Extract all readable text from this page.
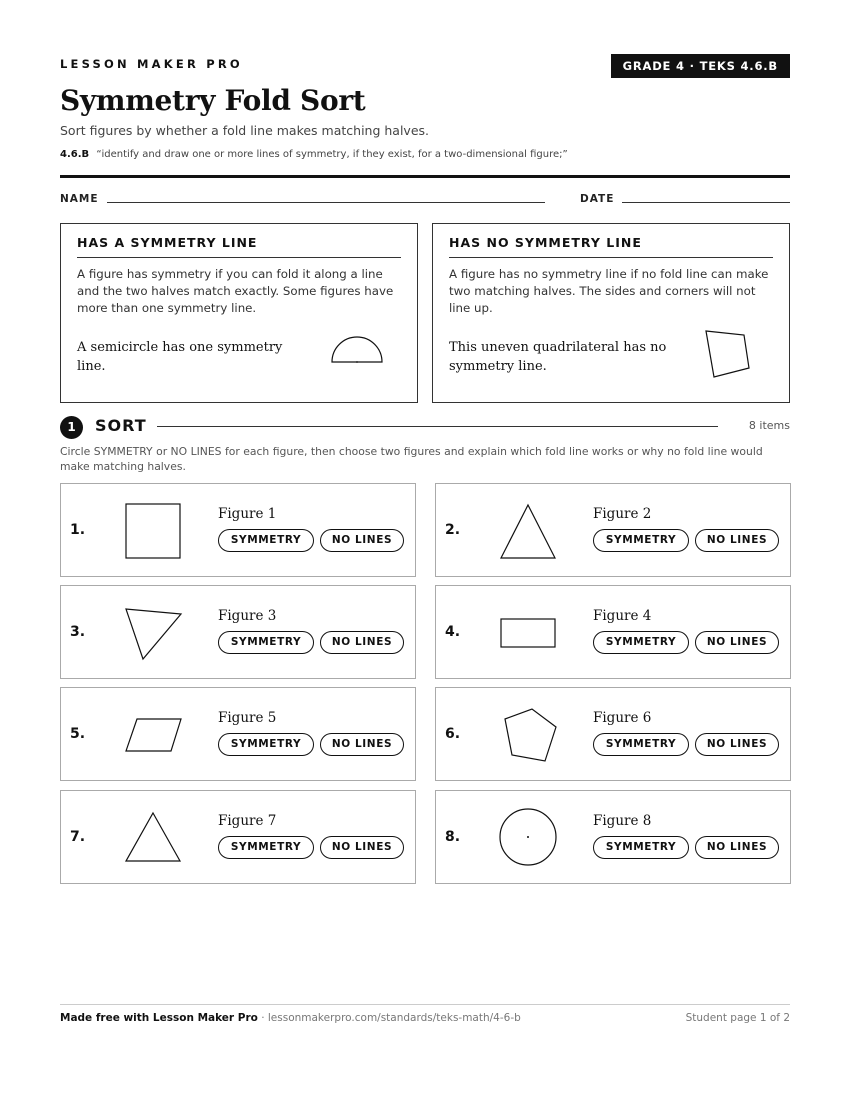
LESSON MAKER PRO	GRADE 4 · TEKS 4.6.B
Symmetry Fold Sort
Sort figures by whether a fold line makes matching halves.
4.6.B “identify and draw one or more lines of symmetry, if they exist, for a two-dimensional figure;”
NAME	DATE
HAS A SYMMETRY LINE
A figure has symmetry if you can fold it along a line and the two halves match exactly. Some figures have more than one symmetry line.
A semicircle has one symmetry line.
HAS NO SYMMETRY LINE
A figure has no symmetry line if no fold line can make two matching halves. The sides and corners will not line up.
This uneven quadrilateral has no symmetry line.
1	SORT	8 items
Circle SYMMETRY or NO LINES for each figure, then choose two figures and explain which fold line works or why no fold line would make matching halves.
1.
Figure 1
SYMMETRY	NO LINES
2.
Figure 2
SYMMETRY	NO LINES
3.
Figure 3
SYMMETRY	NO LINES
4.
Figure 4
SYMMETRY	NO LINES
5.
Figure 5
SYMMETRY	NO LINES
6.
Figure 6
SYMMETRY	NO LINES
7.
Figure 7
SYMMETRY	NO LINES
8.
Figure 8
SYMMETRY	NO LINES
Made free with Lesson Maker Pro · lessonmakerpro.com/standards/teks-math/4-6-b	Student page 1 of 2
